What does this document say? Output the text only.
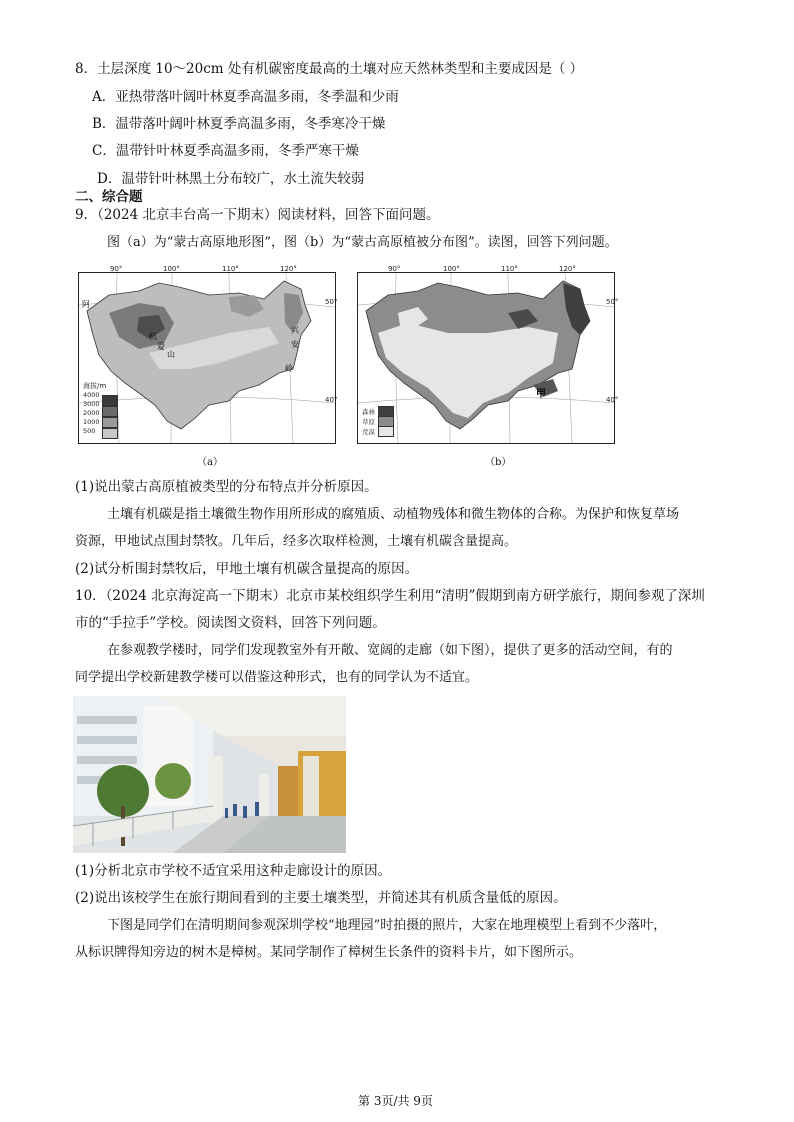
8．土层深度 10～20cm 处有机碳密度最高的土壤对应天然林类型和主要成因是（ ）
A．亚热带落叶阔叶林夏季高温多雨，冬季温和少雨
B．温带落叶阔叶林夏季高温多雨，冬季寒冷干燥
C．温带针叶林夏季高温多雨，冬季严寒干燥
D．温带针叶林黑土分布较广，水土流失较弱
二、综合题
9．（2024 北京丰台高一下期末）阅读材料，回答下面问题。
图（a）为“蒙古高原地形图”，图（b）为“蒙古高原植被分布图”。读图，回答下列问题。
阿
杭
爱
山
兴
安
岭
海拔/m
4000
3000
2000
1000
500
90°	100°	110°	120°
50°
40°
（a）
甲
森林
草原
荒漠
90°	100°	110°	120°
50°
40°
（b）
(1)说出蒙古高原植被类型的分布特点并分析原因。
土壤有机碳是指土壤微生物作用所形成的腐殖质、动植物残体和微生物体的合称。为保护和恢复草场
资源，甲地试点围封禁牧。几年后，经多次取样检测，土壤有机碳含量提高。
(2)试分析围封禁牧后，甲地土壤有机碳含量提高的原因。
10．（2024 北京海淀高一下期末）北京市某校组织学生利用“清明”假期到南方研学旅行，期间参观了深圳
市的“手拉手”学校。阅读图文资料，回答下列问题。
在参观教学楼时，同学们发现教室外有开敞、宽阔的走廊（如下图），提供了更多的活动空间，有的
同学提出学校新建教学楼可以借鉴这种形式，也有的同学认为不适宜。
(1)分析北京市学校不适宜采用这种走廊设计的原因。
(2)说出该校学生在旅行期间看到的主要土壤类型，并简述其有机质含量低的原因。
下图是同学们在清明期间参观深圳学校“地理园”时拍摄的照片，大家在地理模型上看到不少落叶，
从标识牌得知旁边的树木是樟树。某同学制作了樟树生长条件的资料卡片，如下图所示。
第 3页/共 9页
